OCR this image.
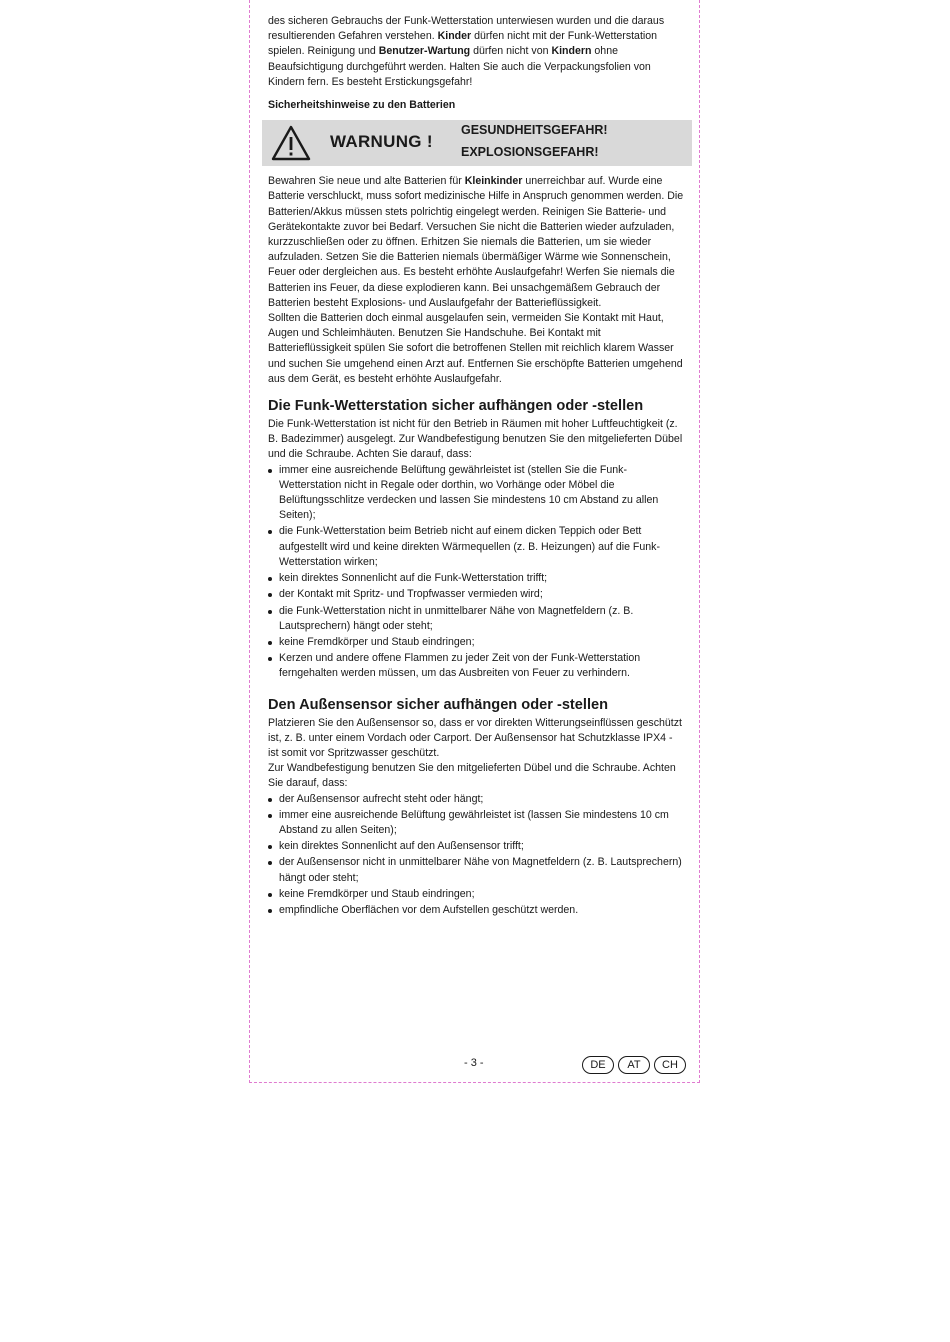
des sicheren Gebrauchs der Funk-Wetterstation unterwiesen wurden und die daraus resultierenden Gefahren verstehen. Kinder dürfen nicht mit der Funk-Wetterstation spielen. Reinigung und Benutzer-Wartung dürfen nicht von Kindern ohne Beaufsichtigung durchgeführt werden. Halten Sie auch die Verpackungsfolien von Kindern fern. Es besteht Erstickungsgefahr!

Sicherheitshinweise zu den Batterien

WARNUNG !
GESUNDHEITSGEFAHR!
EXPLOSIONSGEFAHR!

Bewahren Sie neue und alte Batterien für Kleinkinder unerreichbar auf. Wurde eine Batterie verschluckt, muss sofort medizinische Hilfe in Anspruch genommen werden. Die Batterien/Akkus müssen stets polrichtig eingelegt werden. Reinigen Sie Batterie- und Gerätekontakte zuvor bei Bedarf. Versuchen Sie nicht die Batterien wieder aufzuladen, kurzzuschließen oder zu öffnen. Erhitzen Sie niemals die Batterien, um sie wieder aufzuladen. Setzen Sie die Batterien niemals übermäßiger Wärme wie Sonnenschein, Feuer oder dergleichen aus. Es besteht erhöhte Auslaufgefahr! Werfen Sie niemals die Batterien ins Feuer, da diese explodieren kann. Bei unsachgemäßem Gebrauch der Batterien besteht Explosions- und Auslaufgefahr der Batterieflüssigkeit.

Sollten die Batterien doch einmal ausgelaufen sein, vermeiden Sie Kontakt mit Haut, Augen und Schleimhäuten. Benutzen Sie Handschuhe. Bei Kontakt mit Batterieflüssigkeit spülen Sie sofort die betroffenen Stellen mit reichlich klarem Wasser und suchen Sie umgehend einen Arzt auf. Entfernen Sie erschöpfte Batterien umgehend aus dem Gerät, es besteht erhöhte Auslaufgefahr.

Die Funk-Wetterstation sicher aufhängen oder -stellen

Die Funk-Wetterstation ist nicht für den Betrieb in Räumen mit hoher Luftfeuchtigkeit (z. B. Badezimmer) ausgelegt. Zur Wandbefestigung benutzen Sie den mitgelieferten Dübel und die Schraube. Achten Sie darauf, dass:

immer eine ausreichende Belüftung gewährleistet ist (stellen Sie die Funk-Wetterstation nicht in Regale oder dorthin, wo Vorhänge oder Möbel die Belüftungsschlitze verdecken und lassen Sie mindestens 10 cm Abstand zu allen Seiten);
die Funk-Wetterstation beim Betrieb nicht auf einem dicken Teppich oder Bett aufgestellt wird und keine direkten Wärmequellen (z. B. Heizungen) auf die Funk-Wetterstation wirken;
kein direktes Sonnenlicht auf die Funk-Wetterstation trifft;
der Kontakt mit Spritz- und Tropfwasser vermieden wird;
die Funk-Wetterstation nicht in unmittelbarer Nähe von Magnetfeldern (z. B. Lautsprechern) hängt oder steht;
keine Fremdkörper und Staub eindringen;
Kerzen und andere offene Flammen zu jeder Zeit von der Funk-Wetterstation ferngehalten werden müssen, um das Ausbreiten von Feuer zu verhindern.
Den Außensensor sicher aufhängen oder -stellen

Platzieren Sie den Außensensor so, dass er vor direkten Witterungseinflüssen geschützt ist, z. B. unter einem Vordach oder Carport. Der Außensensor hat Schutzklasse IPX4 - ist somit vor Spritzwasser geschützt.

Zur Wandbefestigung benutzen Sie den mitgelieferten Dübel und die Schraube. Achten Sie darauf, dass:

der Außensensor aufrecht steht oder hängt;
immer eine ausreichende Belüftung gewährleistet ist (lassen Sie mindestens 10 cm Abstand zu allen Seiten);
kein direktes Sonnenlicht auf den Außensensor trifft;
der Außensensor nicht in unmittelbarer Nähe von Magnetfeldern (z. B. Lautsprechern) hängt oder steht;
keine Fremdkörper und Staub eindringen;
empfindliche Oberflächen vor dem Aufstellen geschützt werden.
- 3 -	DE	AT	CH
